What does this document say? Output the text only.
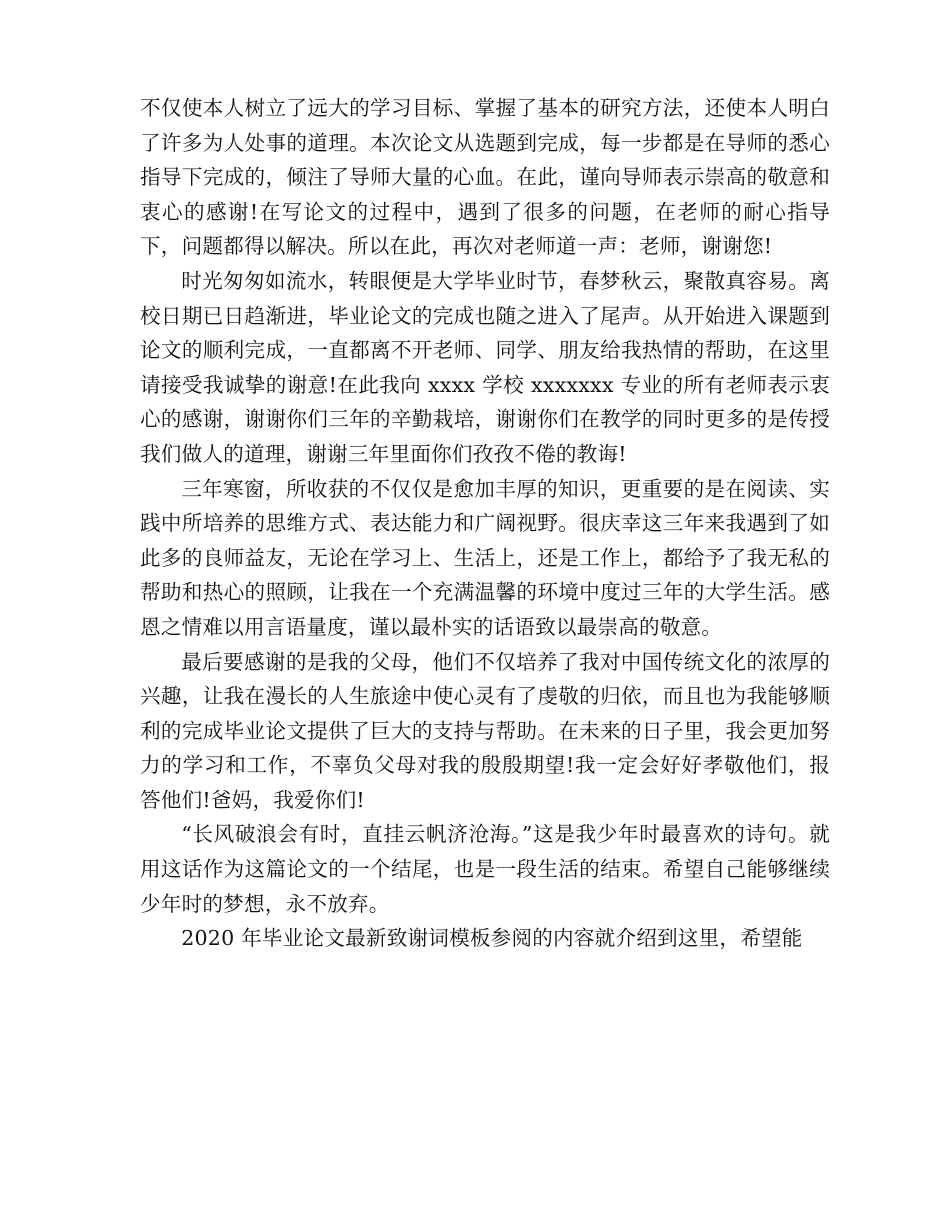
不仅使本人树立了远大的学习目标、掌握了基本的研究方法，还使本人明白了许多为人处事的道理。本次论文从选题到完成，每一步都是在导师的悉心指导下完成的，倾注了导师大量的心血。在此，谨向导师表示崇高的敬意和衷心的感谢!在写论文的过程中，遇到了很多的问题，在老师的耐心指导下，问题都得以解决。所以在此，再次对老师道一声：老师，谢谢您!

时光匆匆如流水，转眼便是大学毕业时节，春梦秋云，聚散真容易。离校日期已日趋渐进，毕业论文的完成也随之进入了尾声。从开始进入课题到论文的顺利完成，一直都离不开老师、同学、朋友给我热情的帮助，在这里请接受我诚挚的谢意!在此我向 xxxx 学校 xxxxxxx 专业的所有老师表示衷心的感谢，谢谢你们三年的辛勤栽培，谢谢你们在教学的同时更多的是传授我们做人的道理，谢谢三年里面你们孜孜不倦的教诲!

三年寒窗，所收获的不仅仅是愈加丰厚的知识，更重要的是在阅读、实践中所培养的思维方式、表达能力和广阔视野。很庆幸这三年来我遇到了如此多的良师益友，无论在学习上、生活上，还是工作上，都给予了我无私的帮助和热心的照顾，让我在一个充满温馨的环境中度过三年的大学生活。感恩之情难以用言语量度，谨以最朴实的话语致以最崇高的敬意。

最后要感谢的是我的父母，他们不仅培养了我对中国传统文化的浓厚的兴趣，让我在漫长的人生旅途中使心灵有了虔敬的归依，而且也为我能够顺利的完成毕业论文提供了巨大的支持与帮助。在未来的日子里，我会更加努力的学习和工作，不辜负父母对我的殷殷期望!我一定会好好孝敬他们，报答他们!爸妈，我爱你们!

“长风破浪会有时，直挂云帆济沧海。”这是我少年时最喜欢的诗句。就用这话作为这篇论文的一个结尾，也是一段生活的结束。希望自己能够继续少年时的梦想，永不放弃。

2020 年毕业论文最新致谢词模板参阅的内容就介绍到这里，希望能
